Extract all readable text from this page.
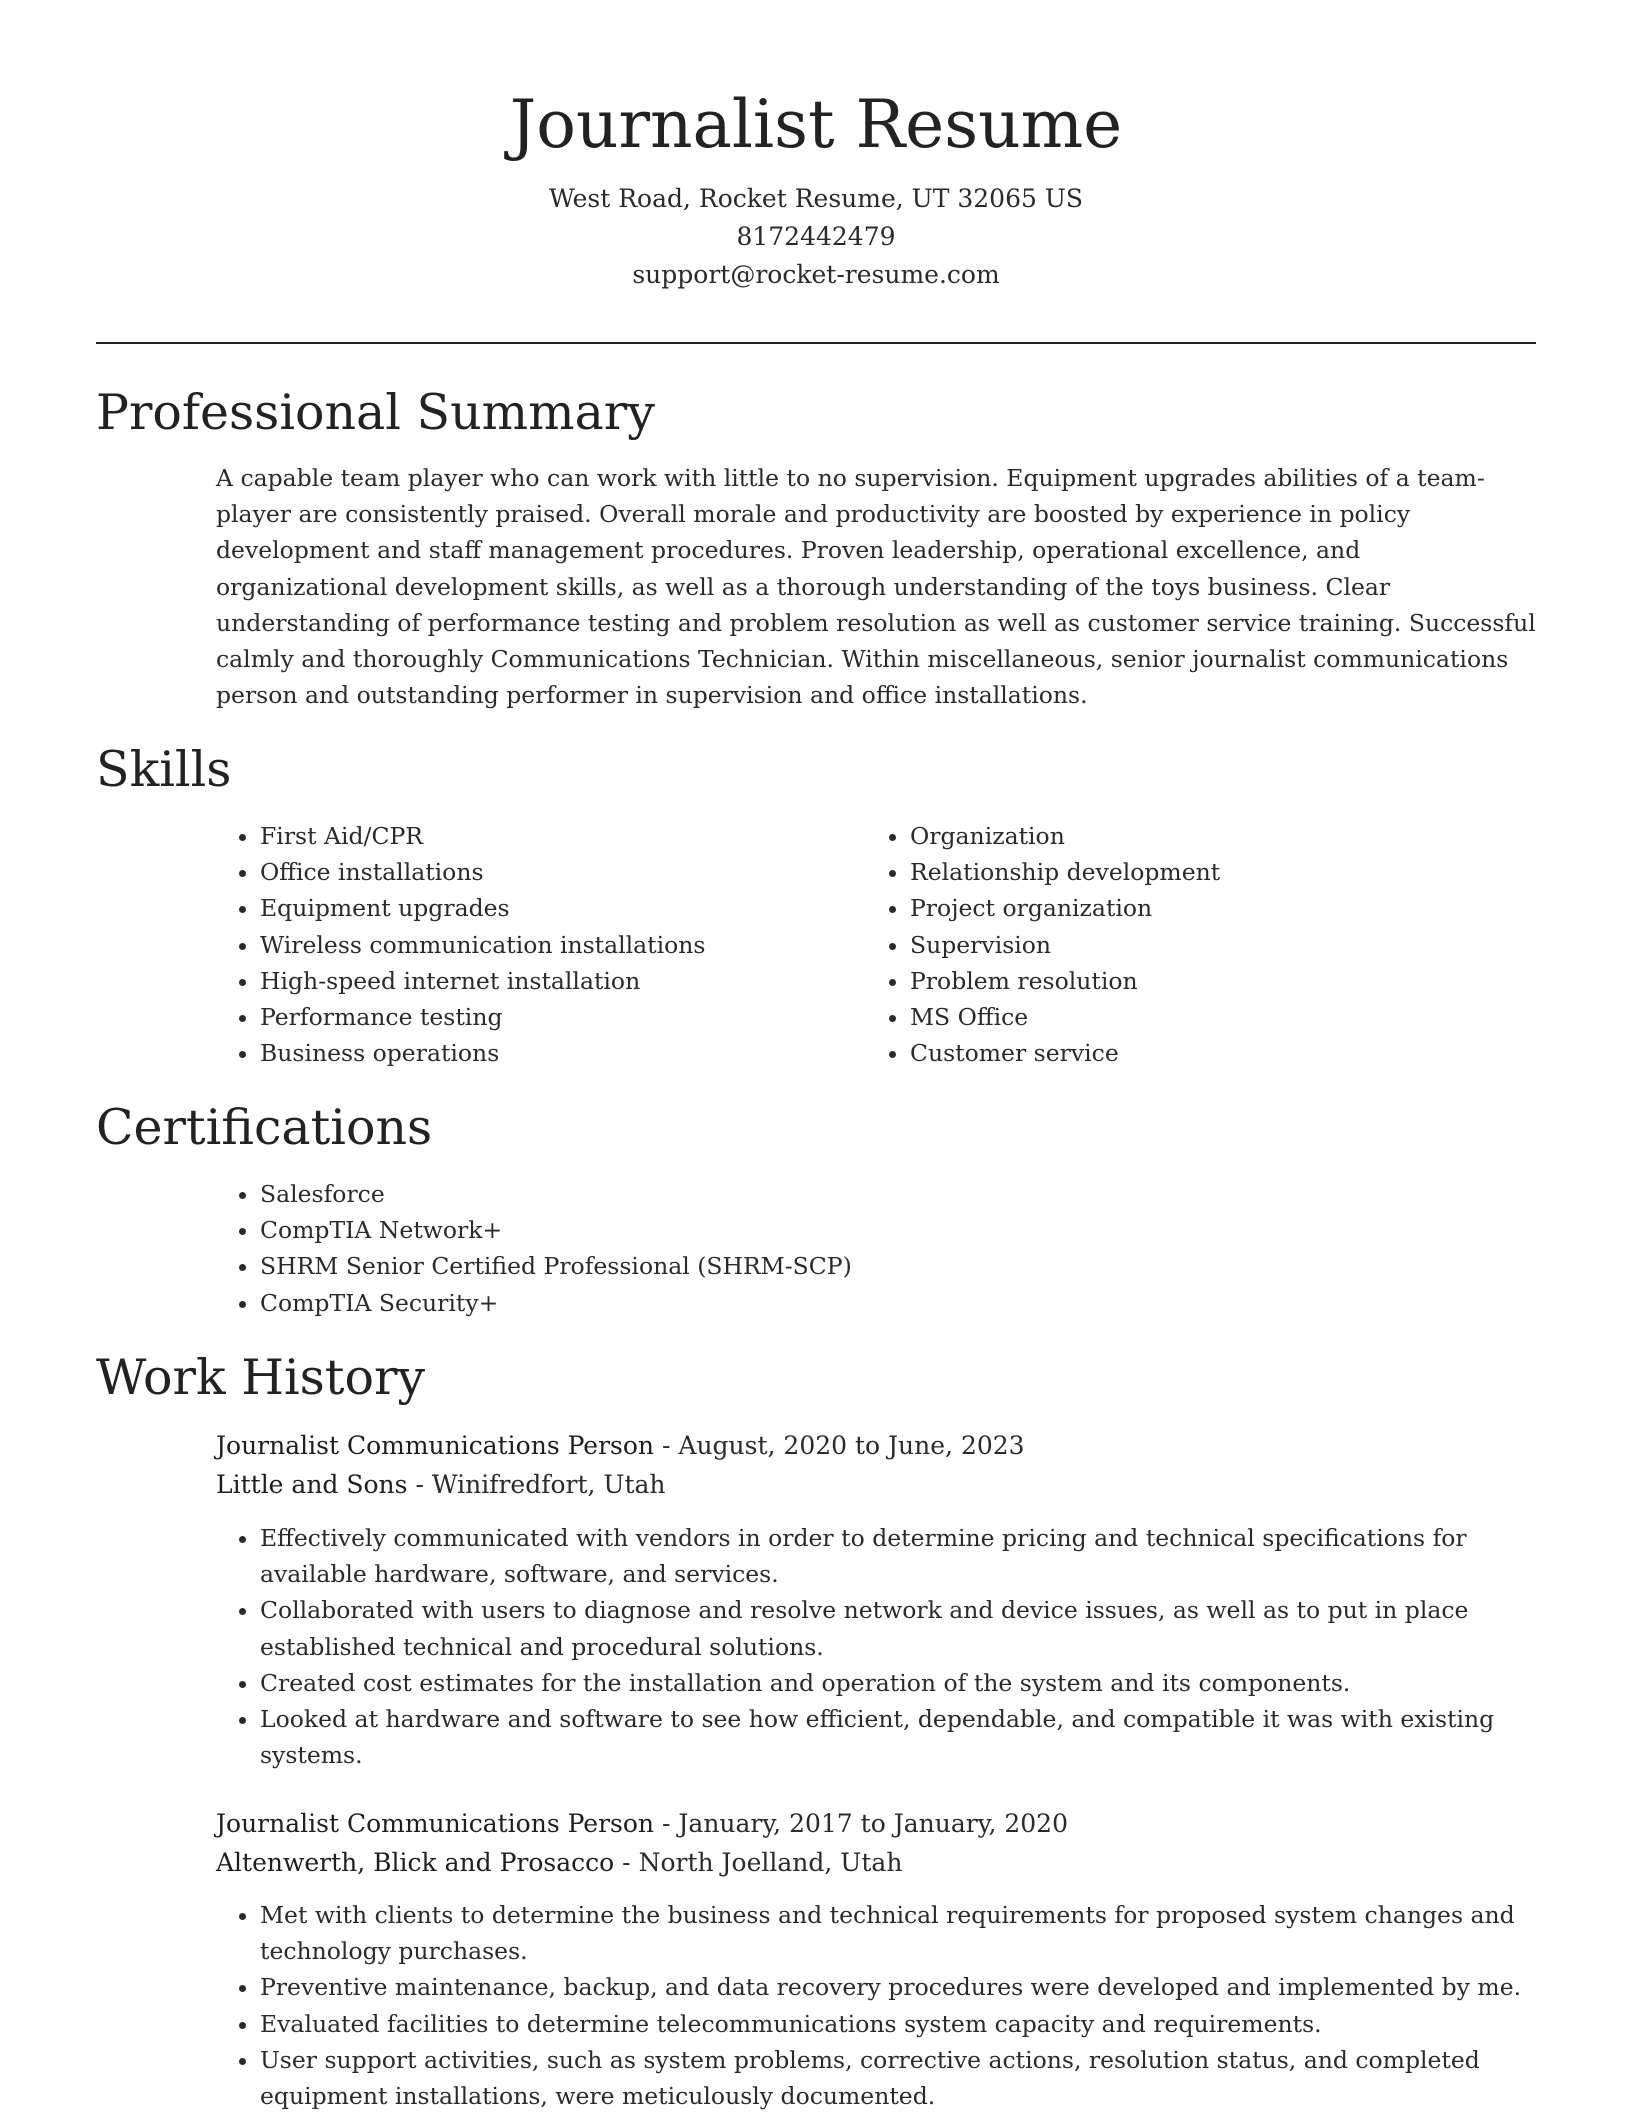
Journalist Resume
West Road, Rocket Resume, UT 32065 US
8172442479
support@rocket-resume.com
Professional Summary
A capable team player who can work with little to no supervision. Equipment upgrades abilities of a team-player are consistently praised. Overall morale and productivity are boosted by experience in policy development and staff management procedures. Proven leadership, operational excellence, and organizational development skills, as well as a thorough understanding of the toys business. Clear understanding of performance testing and problem resolution as well as customer service training. Successful calmly and thoroughly Communications Technician. Within miscellaneous, senior journalist communications person and outstanding performer in supervision and office installations.
Skills
• First Aid/CPR
• Office installations
• Equipment upgrades
• Wireless communication installations
• High-speed internet installation
• Performance testing
• Business operations
• Organization
• Relationship development
• Project organization
• Supervision
• Problem resolution
• MS Office
• Customer service
Certifications
• Salesforce
• CompTIA Network+
• SHRM Senior Certified Professional (SHRM-SCP)
• CompTIA Security+
Work History
Journalist Communications Person - August, 2020 to June, 2023
Little and Sons - Winifredfort, Utah
• Effectively communicated with vendors in order to determine pricing and technical specifications for available hardware, software, and services.
• Collaborated with users to diagnose and resolve network and device issues, as well as to put in place established technical and procedural solutions.
• Created cost estimates for the installation and operation of the system and its components.
• Looked at hardware and software to see how efficient, dependable, and compatible it was with existing systems.
Journalist Communications Person - January, 2017 to January, 2020
Altenwerth, Blick and Prosacco - North Joelland, Utah
• Met with clients to determine the business and technical requirements for proposed system changes and technology purchases.
• Preventive maintenance, backup, and data recovery procedures were developed and implemented by me.
• Evaluated facilities to determine telecommunications system capacity and requirements.
• User support activities, such as system problems, corrective actions, resolution status, and completed equipment installations, were meticulously documented.
